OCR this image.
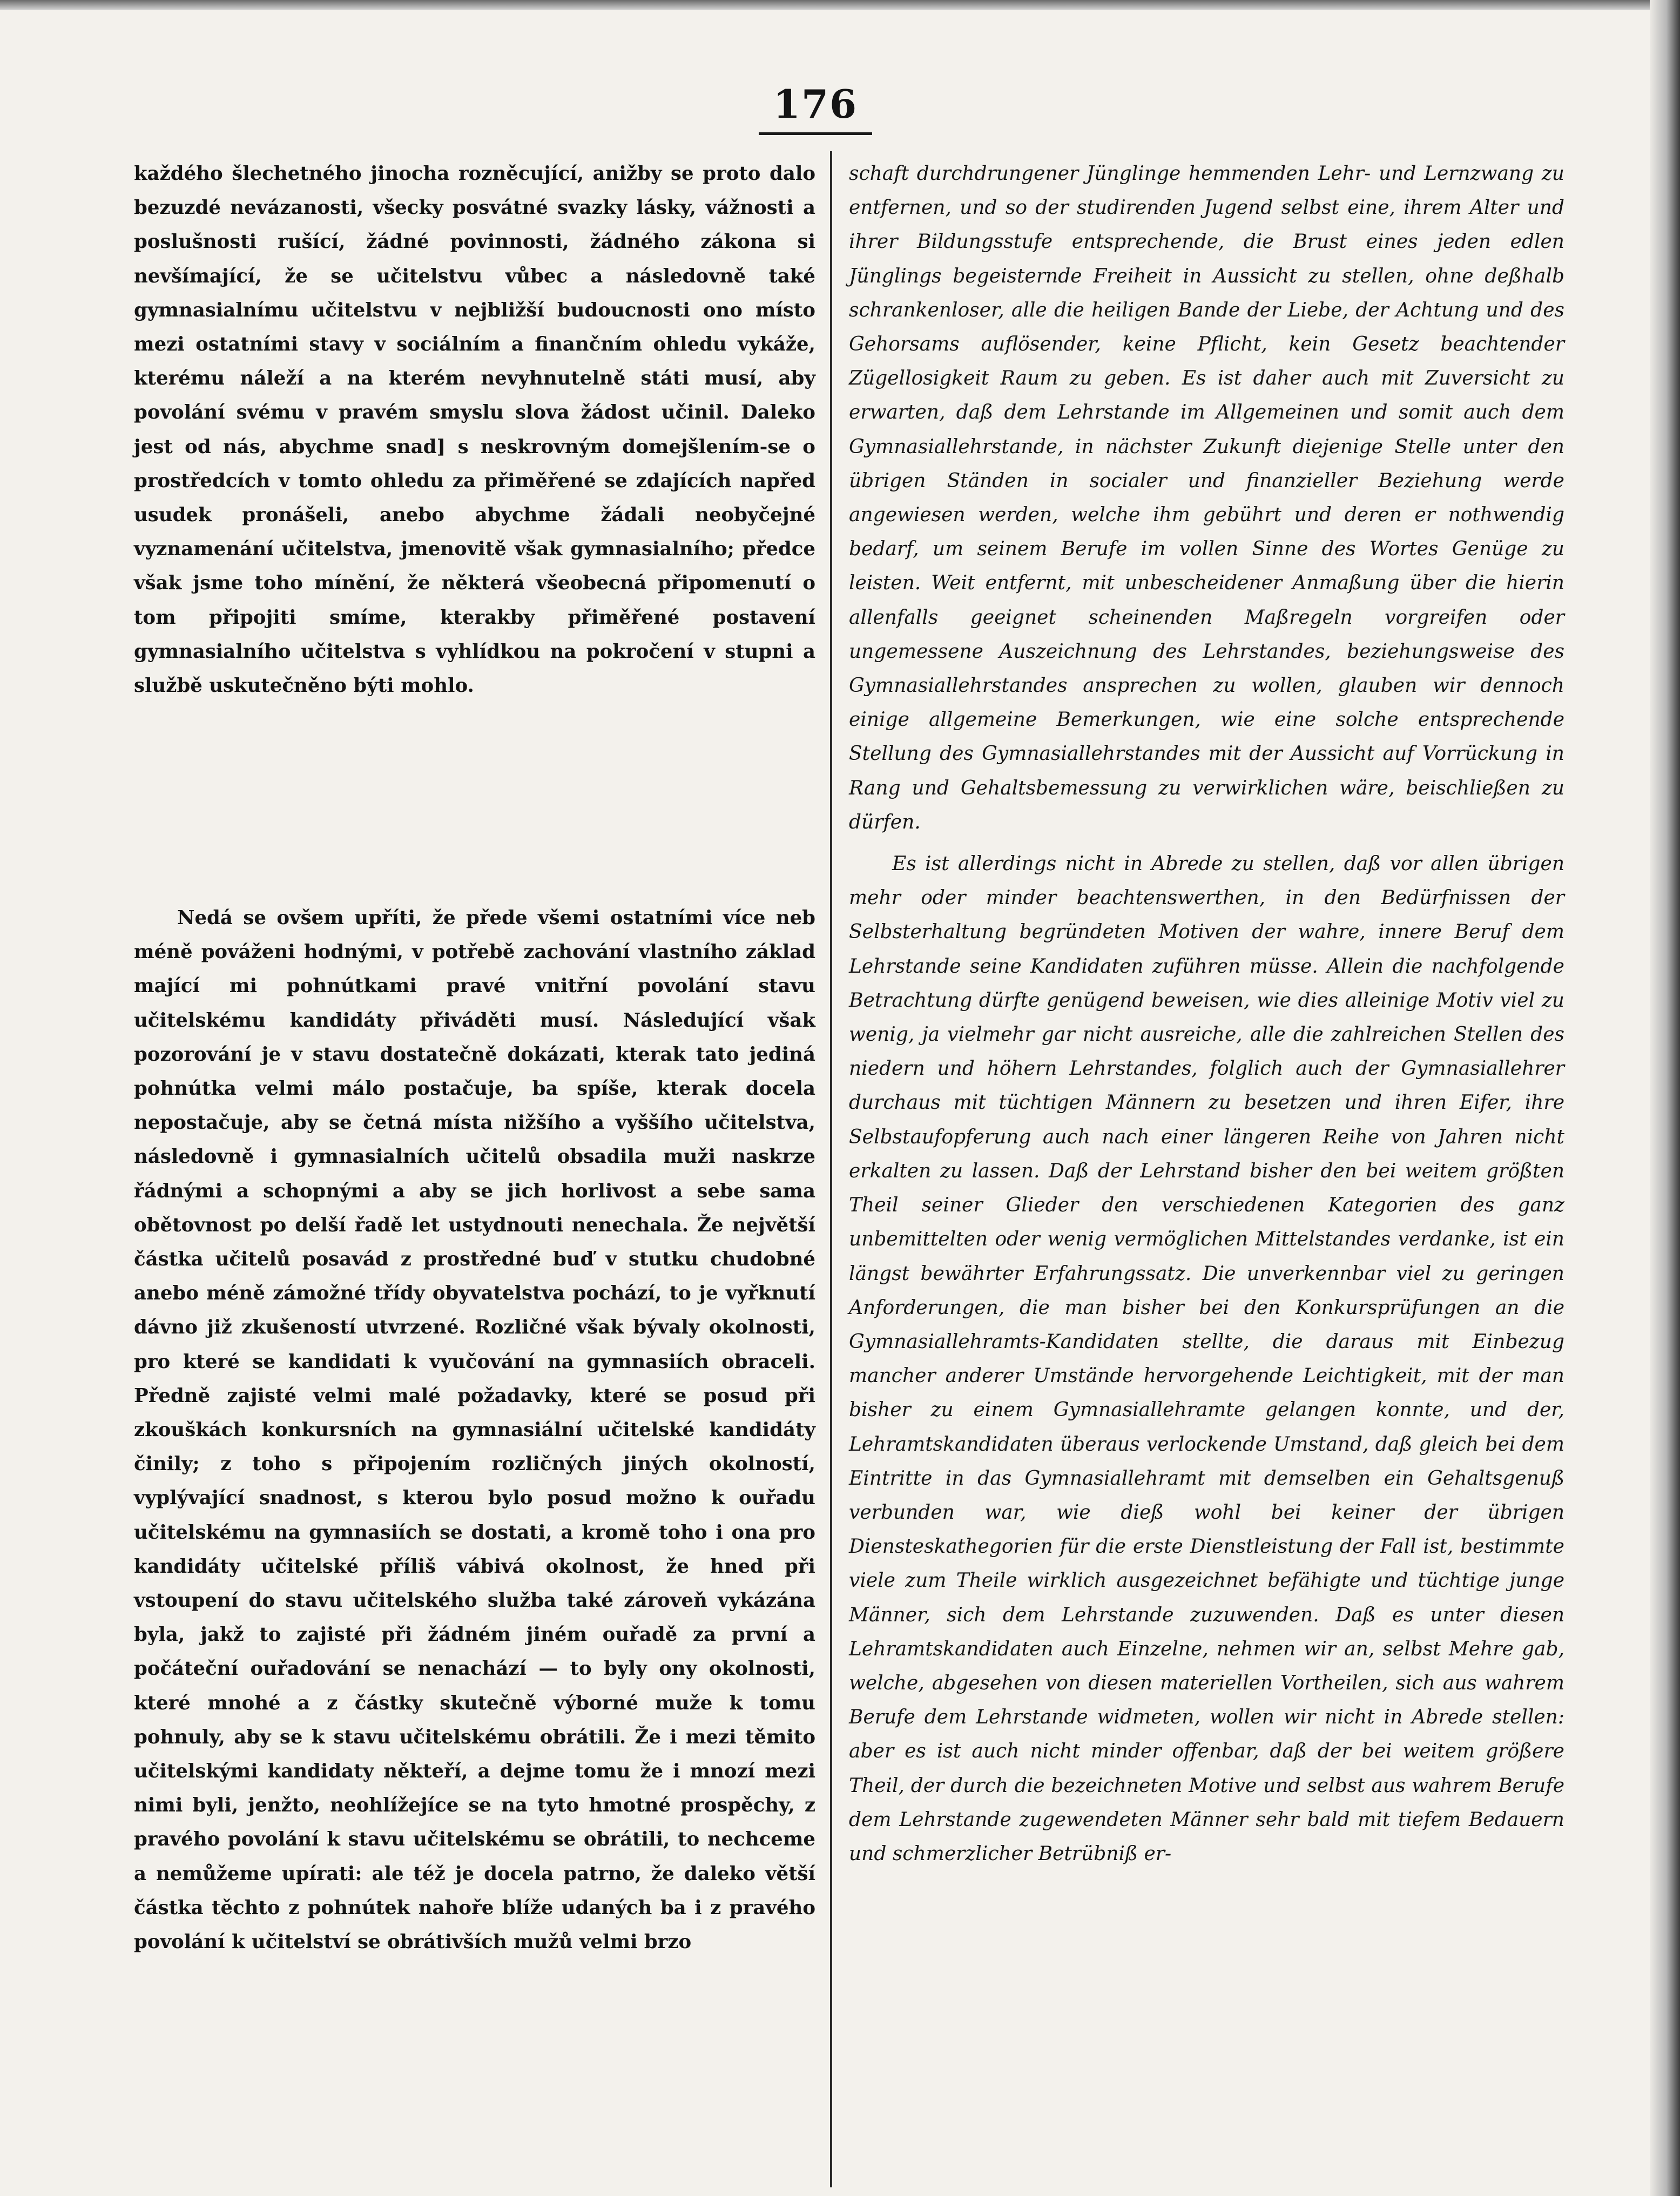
176

každého šlechetného jinocha rozněcující, anižby se proto dalo bezuzdé nevázanosti, všecky posvátné svazky lásky, vážnosti a poslušnosti rušící, žádné povinnosti, žádného zákona si nevšímající, že se učitelstvu vůbec a následovně také gymnasialnímu učitelstvu v nejbližší budoucnosti ono místo mezi ostatními stavy v sociálním a finančním ohledu vykáže, kterému náleží a na kterém nevyhnutelně státi musí, aby povolání svému v pravém smyslu slova žádost učinil. Daleko jest od nás, abychme snad] s neskrovným domejšlením-se o prostředcích v tomto ohledu za přiměřené se zdajících napřed usudek pronášeli, anebo abychme žádali neobyčejné vyznamenání učitelstva, jmenovitě však gymnasialního; předce však jsme toho mínění, že některá všeobecná připomenutí o tom připojiti smíme, kterakby přiměřené postavení gymnasialního učitelstva s vyhlídkou na pokročení v stupni a službě uskutečněno býti mohlo.

Nedá se ovšem upříti, že přede všemi ostatními více neb méně pováženi hodnými, v potřebě zachování vlastního základ mající mi pohnútkami pravé vnitřní povolání stavu učitelskému kandidáty přiváděti musí. Následující však pozorování je v stavu dostatečně dokázati, kterak tato jediná pohnútka velmi málo postačuje, ba spíše, kterak docela nepostačuje, aby se četná místa nižšího a vyššího učitelstva, následovně i gymnasialních učitelů obsadila muži naskrze řádnými a schopnými a aby se jich horlivost a sebe sama obětovnost po delší řadě let ustydnouti nenechala. Že největší částka učitelů posavád z prostředné buď v stutku chudobné anebo méně zámožné třídy obyvatelstva pochází, to je vyřknutí dávno již zkušeností utvrzené. Rozličné však bývaly okolnosti, pro které se kandidati k vyučování na gymnasiích obraceli. Předně zajisté velmi malé požadavky, které se posud při zkouškách konkursních na gymnasiální učitelské kandidáty činily; z toho s připojením rozličných jiných okolností, vyplývající snadnost, s kterou bylo posud možno k ouřadu učitelskému na gymnasiích se dostati, a kromě toho i ona pro kandidáty učitelské příliš vábivá okolnost, že hned při vstoupení do stavu učitelského služba také zároveň vykázána byla, jakž to zajisté při žádném jiném ouřadě za první a počáteční ouřadování se nenachází — to byly ony okolnosti, které mnohé a z částky skutečně výborné muže k tomu pohnuly, aby se k stavu učitelskému obrátili. Že i mezi těmito učitelskými kandidaty někteří, a dejme tomu že i mnozí mezi nimi byli, jenžto, neohlížejíce se na tyto hmotné prospěchy, z pravého povolání k stavu učitelskému se obrátili, to nechceme a nemůžeme upírati: ale též je docela patrno, že daleko větší částka těchto z pohnútek nahoře blíže udaných ba i z pravého povolání k učitelství se obrátivších mužů velmi brzo

schaft durchdrungener Jünglinge hemmenden Lehr- und Lernzwang zu entfernen, und so der studirenden Jugend selbst eine, ihrem Alter und ihrer Bildungsstufe entsprechende, die Brust eines jeden edlen Jünglings begeisternde Freiheit in Aussicht zu stellen, ohne deßhalb schrankenloser, alle die heiligen Bande der Liebe, der Achtung und des Gehorsams auflösender, keine Pflicht, kein Gesetz beachtender Zügellosigkeit Raum zu geben. Es ist daher auch mit Zuversicht zu erwarten, daß dem Lehrstande im Allgemeinen und somit auch dem Gymnasiallehrstande, in nächster Zukunft diejenige Stelle unter den übrigen Ständen in socialer und finanzieller Beziehung werde angewiesen werden, welche ihm gebührt und deren er nothwendig bedarf, um seinem Berufe im vollen Sinne des Wortes Genüge zu leisten. Weit entfernt, mit unbescheidener Anmaßung über die hierin allenfalls geeignet scheinenden Maßregeln vorgreifen oder ungemessene Auszeichnung des Lehrstandes, beziehungsweise des Gymnasiallehrstandes ansprechen zu wollen, glauben wir dennoch einige allgemeine Bemerkungen, wie eine solche entsprechende Stellung des Gymnasiallehrstandes mit der Aussicht auf Vorrückung in Rang und Gehaltsbemessung zu verwirklichen wäre, beischließen zu dürfen.

Es ist allerdings nicht in Abrede zu stellen, daß vor allen übrigen mehr oder minder beachtenswerthen, in den Bedürfnissen der Selbsterhaltung begründeten Motiven der wahre, innere Beruf dem Lehrstande seine Kandidaten zuführen müsse. Allein die nachfolgende Betrachtung dürfte genügend beweisen, wie dies alleinige Motiv viel zu wenig, ja vielmehr gar nicht ausreiche, alle die zahlreichen Stellen des niedern und höhern Lehrstandes, folglich auch der Gymnasiallehrer durchaus mit tüchtigen Männern zu besetzen und ihren Eifer, ihre Selbstaufopferung auch nach einer längeren Reihe von Jahren nicht erkalten zu lassen. Daß der Lehrstand bisher den bei weitem größten Theil seiner Glieder den verschiedenen Kategorien des ganz unbemittelten oder wenig vermöglichen Mittelstandes verdanke, ist ein längst bewährter Erfahrungssatz. Die unverkennbar viel zu geringen Anforderungen, die man bisher bei den Konkursprüfungen an die Gymnasiallehramts-Kandidaten stellte, die daraus mit Einbezug mancher anderer Umstände hervorgehende Leichtigkeit, mit der man bisher zu einem Gymnasiallehramte gelangen konnte, und der, Lehramtskandidaten überaus verlockende Umstand, daß gleich bei dem Eintritte in das Gymnasiallehramt mit demselben ein Gehaltsgenuß verbunden war, wie dieß wohl bei keiner der übrigen Diensteskathegorien für die erste Dienstleistung der Fall ist, bestimmte viele zum Theile wirklich ausgezeichnet befähigte und tüchtige junge Männer, sich dem Lehrstande zuzuwenden. Daß es unter diesen Lehramtskandidaten auch Einzelne, nehmen wir an, selbst Mehre gab, welche, abgesehen von diesen materiellen Vortheilen, sich aus wahrem Berufe dem Lehrstande widmeten, wollen wir nicht in Abrede stellen: aber es ist auch nicht minder offenbar, daß der bei weitem größere Theil, der durch die bezeichneten Motive und selbst aus wahrem Berufe dem Lehrstande zugewendeten Männer sehr bald mit tiefem Bedauern und schmerzlicher Betrübniß er-
